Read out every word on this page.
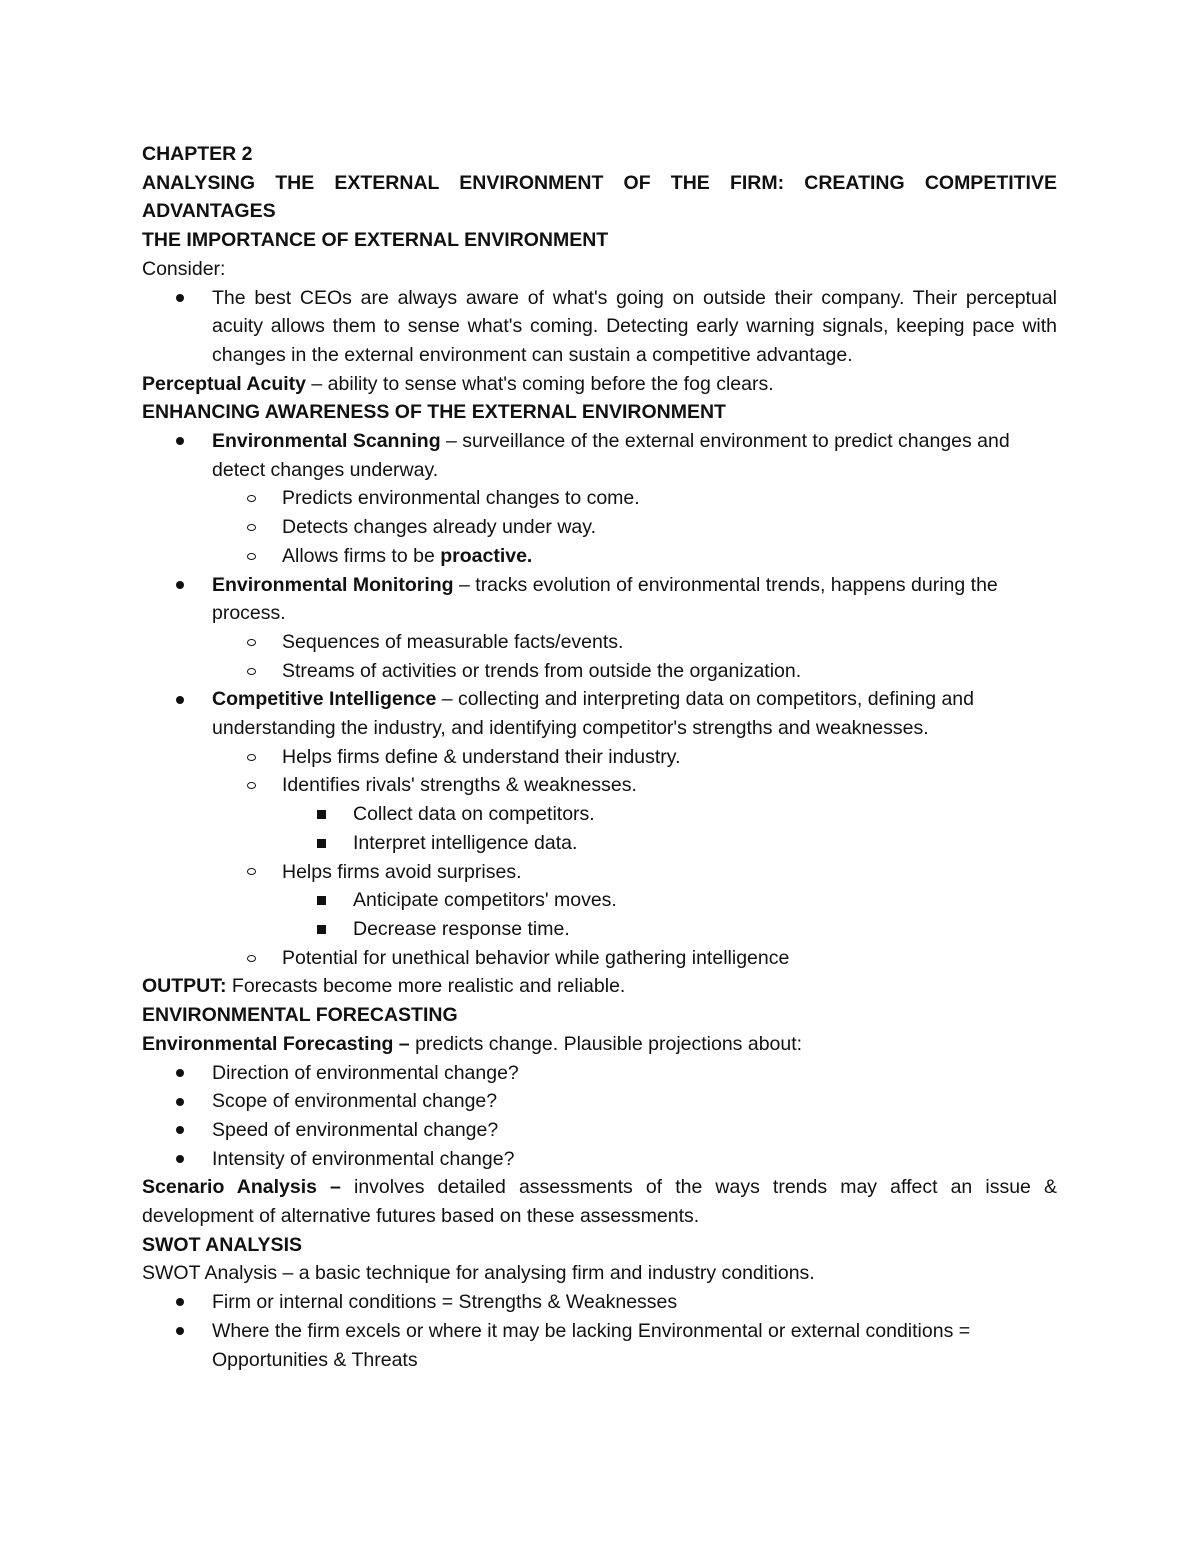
CHAPTER 2
ANALYSING THE EXTERNAL ENVIRONMENT OF THE FIRM: CREATING COMPETITIVE ADVANTAGES
THE IMPORTANCE OF EXTERNAL ENVIRONMENT
Consider:
The best CEOs are always aware of what's going on outside their company. Their perceptual acuity allows them to sense what's coming. Detecting early warning signals, keeping pace with changes in the external environment can sustain a competitive advantage.
Perceptual Acuity – ability to sense what's coming before the fog clears.
ENHANCING AWARENESS OF THE EXTERNAL ENVIRONMENT
Environmental Scanning – surveillance of the external environment to predict changes and detect changes underway.
Predicts environmental changes to come.
Detects changes already under way.
Allows firms to be proactive.
Environmental Monitoring – tracks evolution of environmental trends, happens during the process.
Sequences of measurable facts/events.
Streams of activities or trends from outside the organization.
Competitive Intelligence – collecting and interpreting data on competitors, defining and understanding the industry, and identifying competitor's strengths and weaknesses.
Helps firms define & understand their industry.
Identifies rivals' strengths & weaknesses.
Collect data on competitors.
Interpret intelligence data.
Helps firms avoid surprises.
Anticipate competitors' moves.
Decrease response time.
Potential for unethical behavior while gathering intelligence
OUTPUT: Forecasts become more realistic and reliable.
ENVIRONMENTAL FORECASTING
Environmental Forecasting – predicts change. Plausible projections about:
Direction of environmental change?
Scope of environmental change?
Speed of environmental change?
Intensity of environmental change?
Scenario Analysis – involves detailed assessments of the ways trends may affect an issue & development of alternative futures based on these assessments.
SWOT ANALYSIS
SWOT Analysis – a basic technique for analysing firm and industry conditions.
Firm or internal conditions = Strengths & Weaknesses
Where the firm excels or where it may be lacking Environmental or external conditions = Opportunities & Threats
